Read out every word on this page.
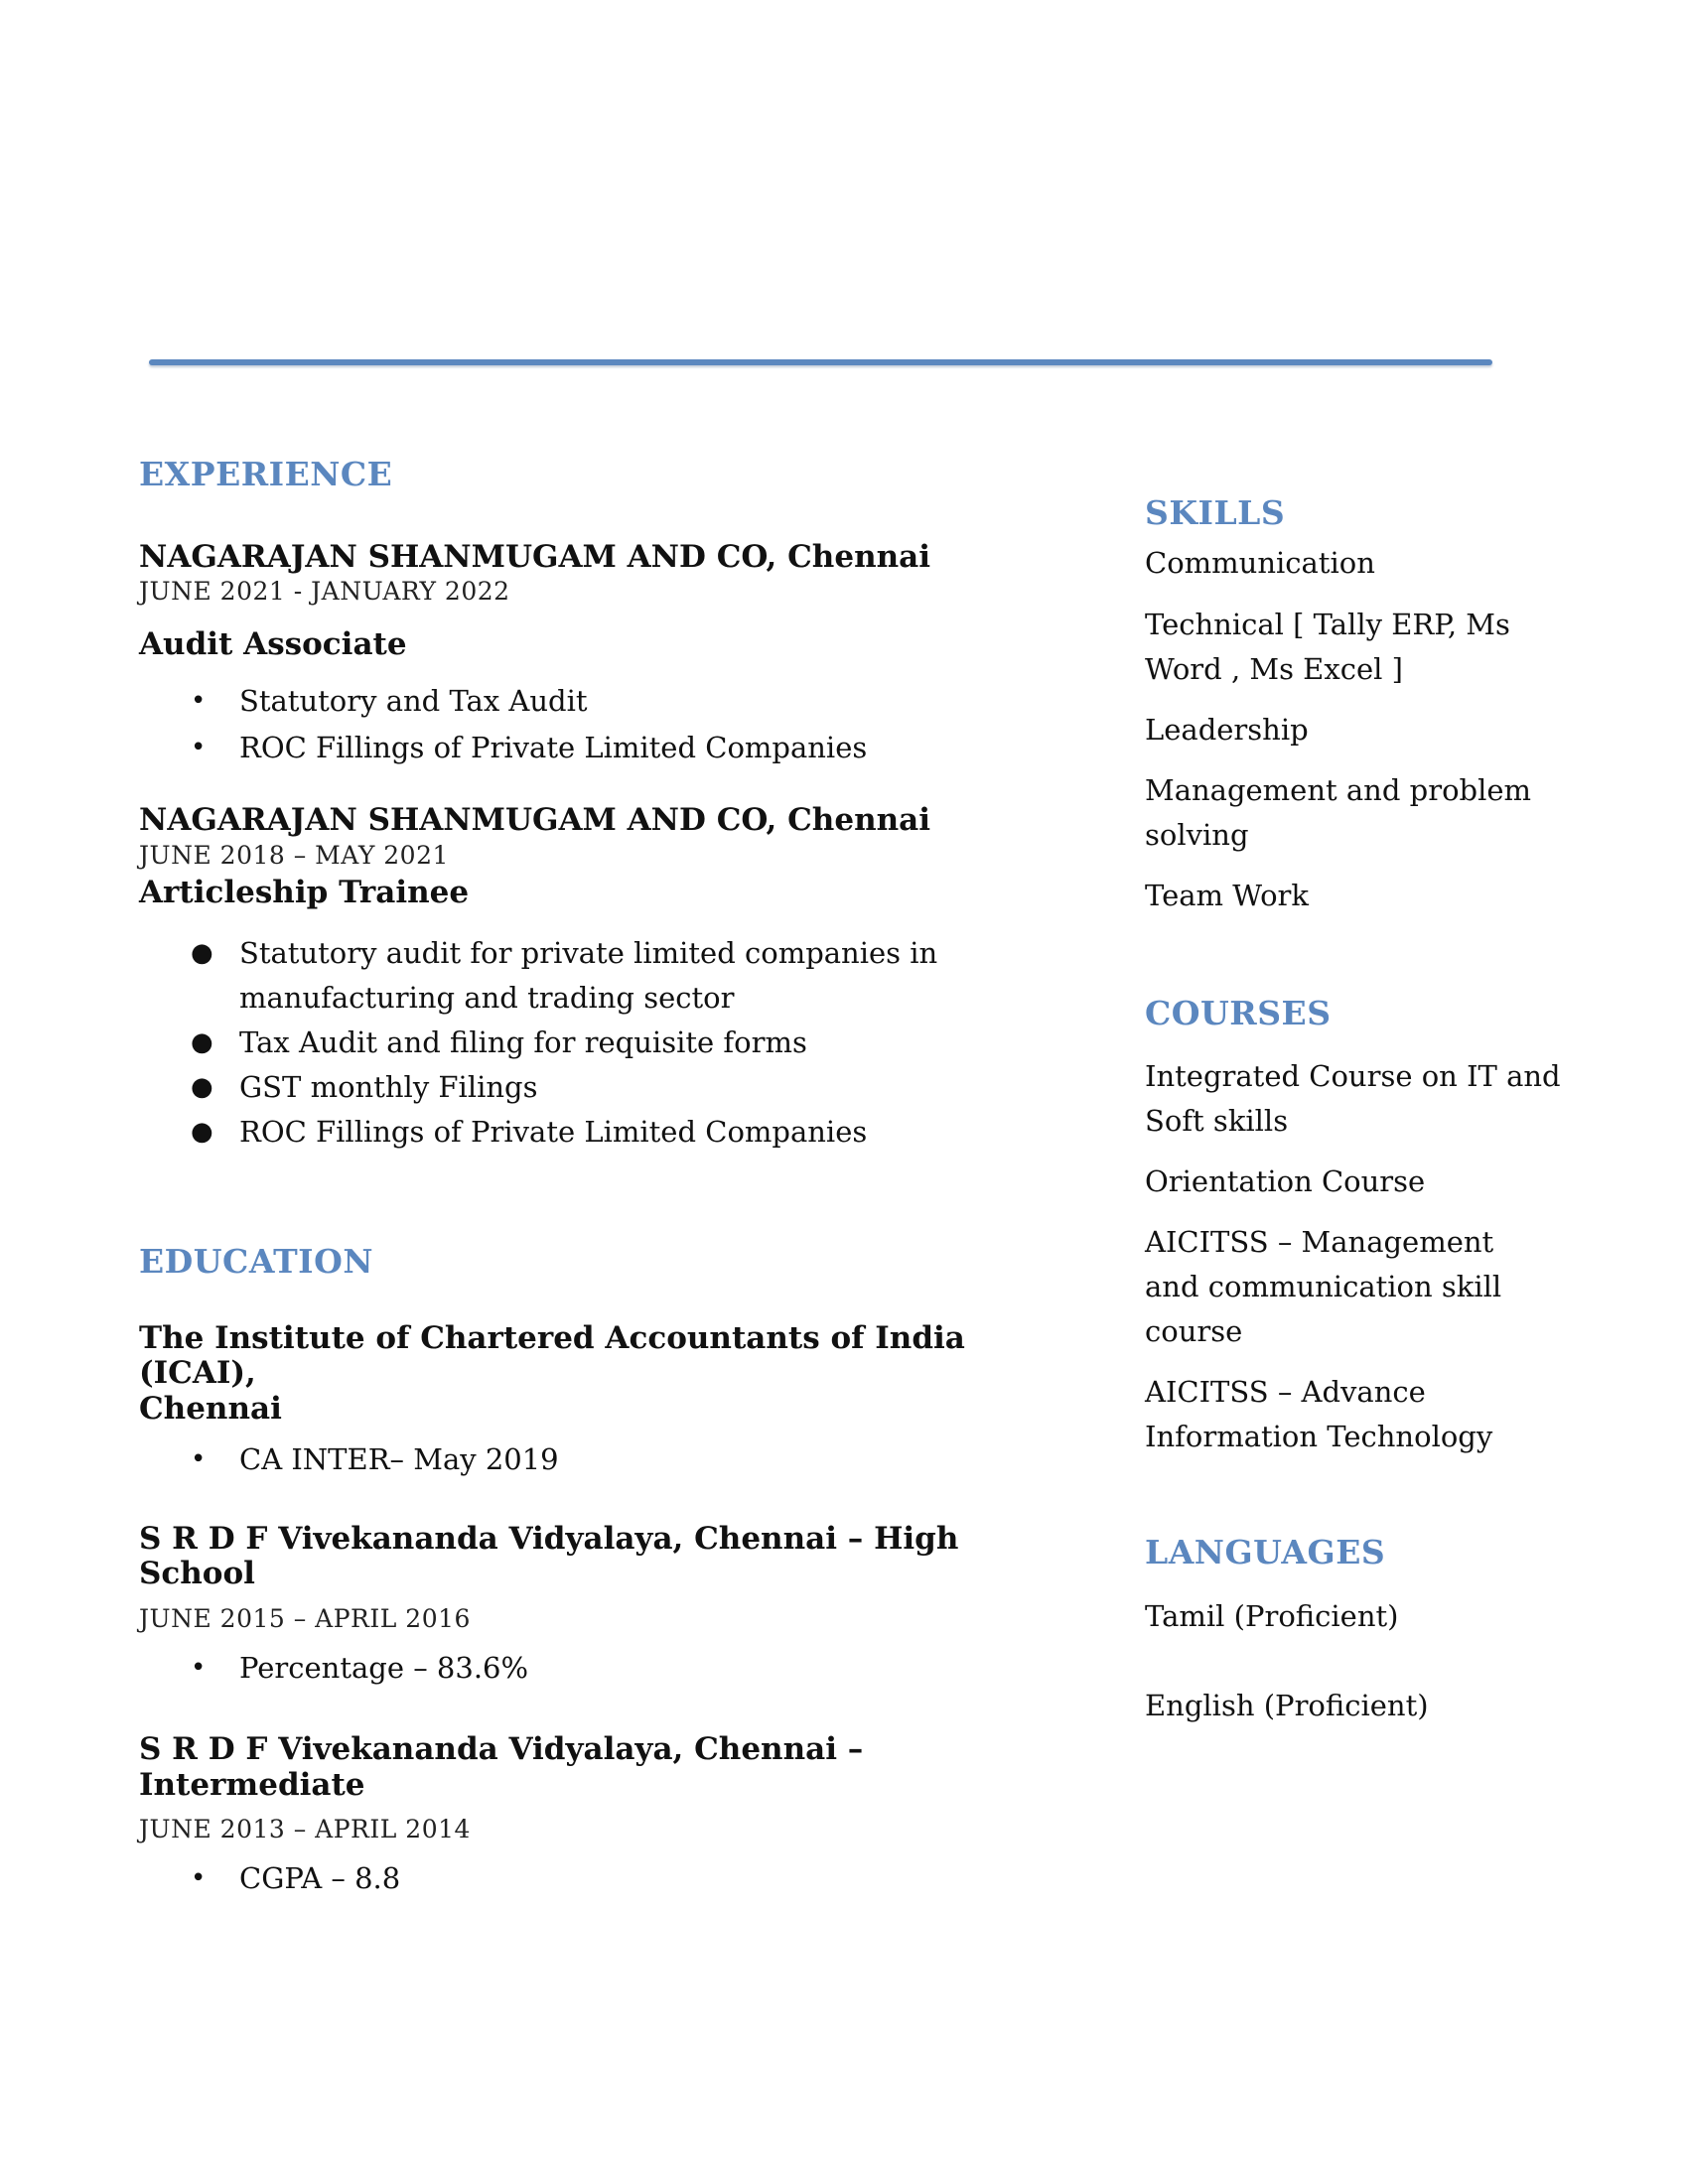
EXPERIENCE

NAGARAJAN SHANMUGAM AND CO, Chennai

JUNE 2021 - JANUARY 2022

Audit Associate

• Statutory and Tax Audit
• ROC Fillings of Private Limited Companies

NAGARAJAN SHANMUGAM AND CO, Chennai

JUNE 2018 – MAY 2021

Articleship Trainee

● Statutory audit for private limited companies in
manufacturing and trading sector
● Tax Audit and filing for requisite forms
● GST monthly Filings
● ROC Fillings of Private Limited Companies
EDUCATION

The Institute of Chartered Accountants of India (ICAI),
Chennai

• CA INTER– May 2019

S R D F Vivekananda Vidyalaya, Chennai – High School

JUNE 2015 – APRIL 2016

• Percentage – 83.6%

S R D F Vivekananda Vidyalaya, Chennai – Intermediate

JUNE 2013 – APRIL 2014

• CGPA – 8.8
SKILLS

Communication

Technical [ Tally ERP, Ms

Word , Ms Excel ]

Leadership

Management and problem

solving

Team Work

COURSES

Integrated Course on IT and

Soft skills

Orientation Course

AICITSS – Management

and communication skill

course

AICITSS – Advance

Information Technology

LANGUAGES

Tamil (Proficient)

English (Proficient)
